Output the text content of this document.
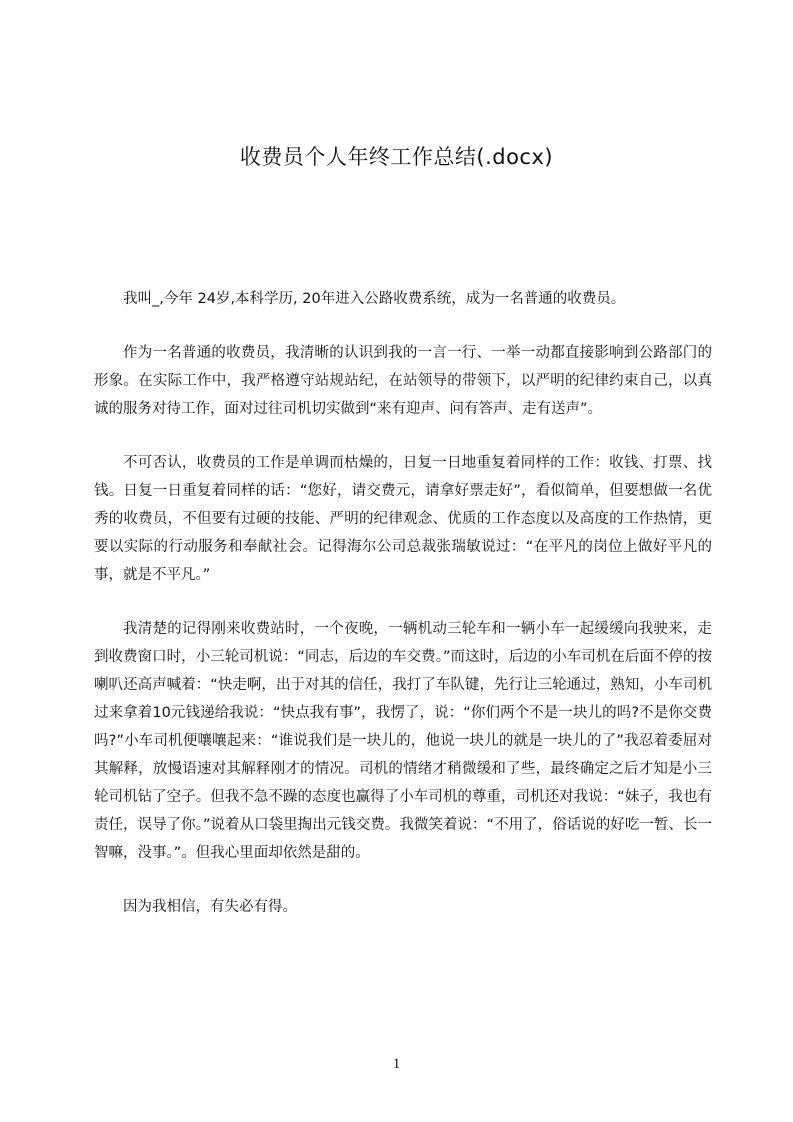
收费员个人年终工作总结(.docx)

我叫_,今年 24岁,本科学历, 20年进入公路收费系统，成为一名普通的收费员。

作为一名普通的收费员，我清晰的认识到我的一言一行、一举一动都直接影响到公路部门的形象。在实际工作中，我严格遵守站规站纪，在站领导的带领下，以严明的纪律约束自己，以真诚的服务对待工作，面对过往司机切实做到“来有迎声、问有答声、走有送声”。

不可否认，收费员的工作是单调而枯燥的，日复一日地重复着同样的工作：收钱、打票、找钱。日复一日重复着同样的话：“您好，请交费元，请拿好票走好”，看似简单，但要想做一名优秀的收费员，不但要有过硬的技能、严明的纪律观念、优质的工作态度以及高度的工作热情，更要以实际的行动服务和奉献社会。记得海尔公司总裁张瑞敏说过：“在平凡的岗位上做好平凡的事，就是不平凡。”

我清楚的记得刚来收费站时，一个夜晚，一辆机动三轮车和一辆小车一起缓缓向我驶来，走到收费窗口时，小三轮司机说：“同志，后边的车交费。”而这时，后边的小车司机在后面不停的按喇叭还高声喊着：“快走啊，出于对其的信任，我打了车队键，先行让三轮通过，熟知，小车司机过来拿着10元钱递给我说：“快点我有事”，我愣了，说：“你们两个不是一块儿的吗?不是你交费吗?”小车司机便嚷嚷起来：“谁说我们是一块儿的，他说一块儿的就是一块儿的了”我忍着委屈对其解释，放慢语速对其解释刚才的情况。司机的情绪才稍微缓和了些，最终确定之后才知是小三轮司机钻了空子。但我不急不躁的态度也赢得了小车司机的尊重，司机还对我说：“妹子，我也有责任，误导了你。”说着从口袋里掏出元钱交费。我微笑着说：“不用了，俗话说的好吃一暂、长一智嘛，没事。”。但我心里面却依然是甜的。

因为我相信，有失必有得。

1
